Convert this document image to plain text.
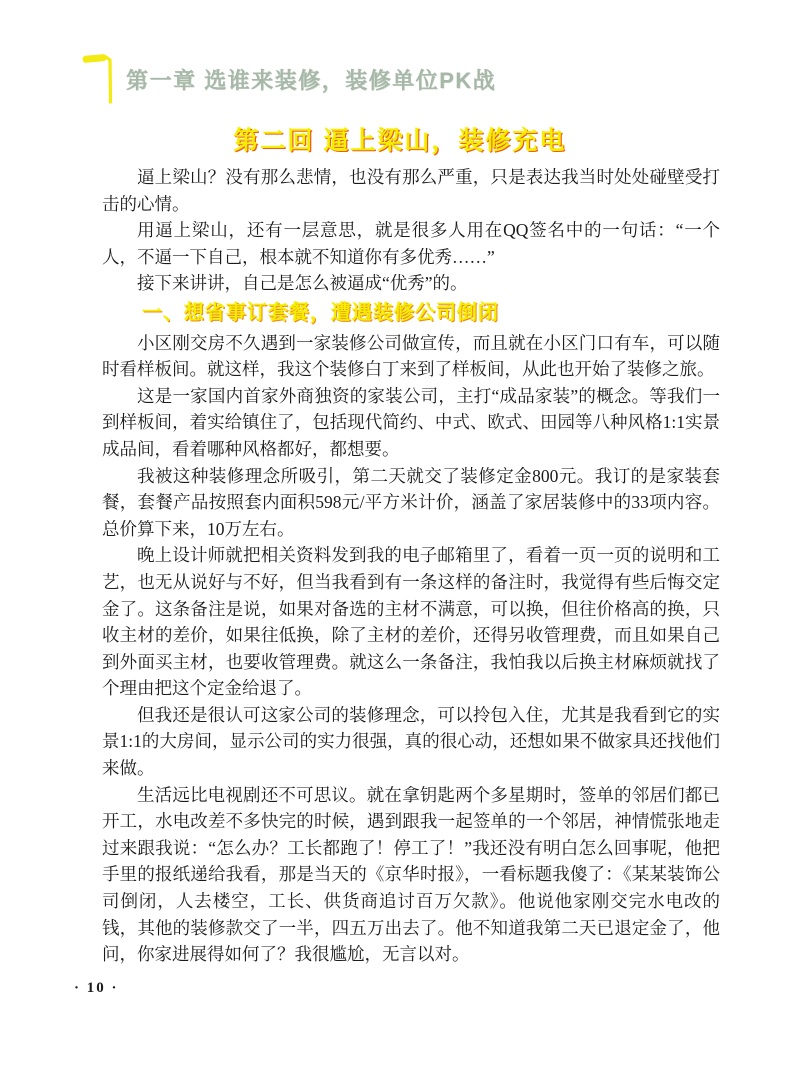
第一章 选谁来装修，装修单位PK战
第二回 逼上梁山，装修充电

逼上梁山？没有那么悲情，也没有那么严重，只是表达我当时处处碰壁受打击的心情。

用逼上梁山，还有一层意思，就是很多人用在QQ签名中的一句话：“一个人，不逼一下自己，根本就不知道你有多优秀……”

接下来讲讲，自己是怎么被逼成“优秀”的。

一、想省事订套餐，遭遇装修公司倒闭

小区刚交房不久遇到一家装修公司做宣传，而且就在小区门口有车，可以随时看样板间。就这样，我这个装修白丁来到了样板间，从此也开始了装修之旅。

这是一家国内首家外商独资的家装公司，主打“成品家装”的概念。等我们一到样板间，着实给镇住了，包括现代简约、中式、欧式、田园等八种风格1:1实景成品间，看着哪种风格都好，都想要。

我被这种装修理念所吸引，第二天就交了装修定金800元。我订的是家装套餐，套餐产品按照套内面积598元/平方米计价，涵盖了家居装修中的33项内容。总价算下来，10万左右。

晚上设计师就把相关资料发到我的电子邮箱里了，看着一页一页的说明和工艺，也无从说好与不好，但当我看到有一条这样的备注时，我觉得有些后悔交定金了。这条备注是说，如果对备选的主材不满意，可以换，但往价格高的换，只收主材的差价，如果往低换，除了主材的差价，还得另收管理费，而且如果自己到外面买主材，也要收管理费。就这么一条备注，我怕我以后换主材麻烦就找了个理由把这个定金给退了。

但我还是很认可这家公司的装修理念，可以拎包入住，尤其是我看到它的实景1:1的大房间，显示公司的实力很强，真的很心动，还想如果不做家具还找他们来做。

生活远比电视剧还不可思议。就在拿钥匙两个多星期时，签单的邻居们都已开工，水电改差不多快完的时候，遇到跟我一起签单的一个邻居，神情慌张地走过来跟我说：“怎么办？工长都跑了！停工了！”我还没有明白怎么回事呢，他把手里的报纸递给我看，那是当天的《京华时报》，一看标题我傻了：《某某装饰公司倒闭，人去楼空，工长、供货商追讨百万欠款》。他说他家刚交完水电改的钱，其他的装修款交了一半，四五万出去了。他不知道我第二天已退定金了，他问，你家进展得如何了？我很尴尬，无言以对。

· 10 ·
